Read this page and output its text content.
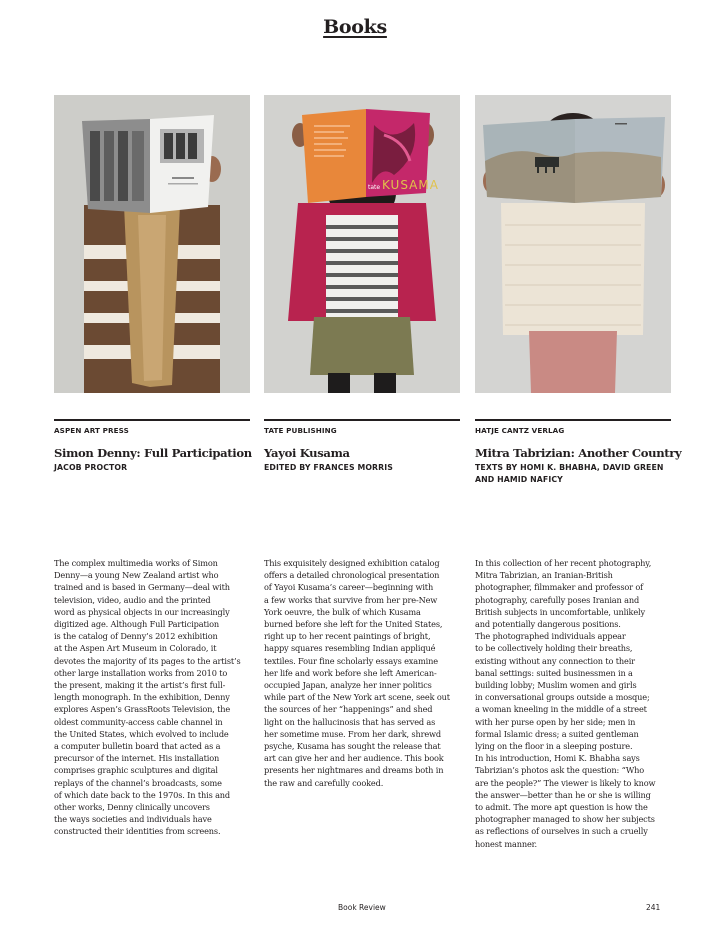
Books
tate KUSAMA
ASPEN ART PRESS
Simon Denny: Full Participation
JACOB PROCTOR

The complex multimedia works of Simon

Denny—a young New Zealand artist who

trained and is based in Germany—deal with

television, video, audio and the printed

word as physical objects in our increasingly

digitized age. Although Full Participation

is the catalog of Denny’s 2012 exhibition

at the Aspen Art Museum in Colorado, it

devotes the majority of its pages to the artist’s

other large installation works from 2010 to

the present, making it the artist’s first full-

length monograph. In the exhibition, Denny

explores Aspen’s GrassRoots Television, the

oldest community-access cable channel in

the United States, which evolved to include

a computer bulletin board that acted as a

precursor of the internet. His installation

comprises graphic sculptures and digital

replays of the channel’s broadcasts, some

of which date back to the 1970s. In this and

other works, Denny clinically uncovers

the ways societies and individuals have

constructed their identities from screens.

TATE PUBLISHING
Yayoi Kusama
EDITED BY FRANCES MORRIS

This exquisitely designed exhibition catalog

offers a detailed chronological presentation

of Yayoi Kusama’s career—beginning with

a few works that survive from her pre-New

York oeuvre, the bulk of which Kusama

burned before she left for the United States,

right up to her recent paintings of bright,

happy squares resembling Indian appliqué

textiles. Four fine scholarly essays examine

her life and work before she left American-

occupied Japan, analyze her inner politics

while part of the New York art scene, seek out

the sources of her “happenings” and shed

light on the hallucinosis that has served as

her sometime muse. From her dark, shrewd

psyche, Kusama has sought the release that

art can give her and her audience. This book

presents her nightmares and dreams both in

the raw and carefully cooked.

HATJE CANTZ VERLAG
Mitra Tabrizian: Another Country
TEXTS BY HOMI K. BHABHA, DAVID GREEN
AND HAMID NAFICY

In this collection of her recent photography,

Mitra Tabrizian, an Iranian-British

photographer, filmmaker and professor of

photography, carefully poses Iranian and

British subjects in uncomfortable, unlikely

and potentially dangerous positions.

The photographed individuals appear

to be collectively holding their breaths,

existing without any connection to their

banal settings: suited businessmen in a

building lobby; Muslim women and girls

in conversational groups outside a mosque;

a woman kneeling in the middle of a street

with her purse open by her side; men in

formal Islamic dress; a suited gentleman

lying on the floor in a sleeping posture.

In his introduction, Homi K. Bhabha says

Tabrizian’s photos ask the question: “Who

are the people?” The viewer is likely to know

the answer—better than he or she is willing

to admit. The more apt question is how the

photographer managed to show her subjects

as reflections of ourselves in such a cruelly

honest manner.

Book Review	241
